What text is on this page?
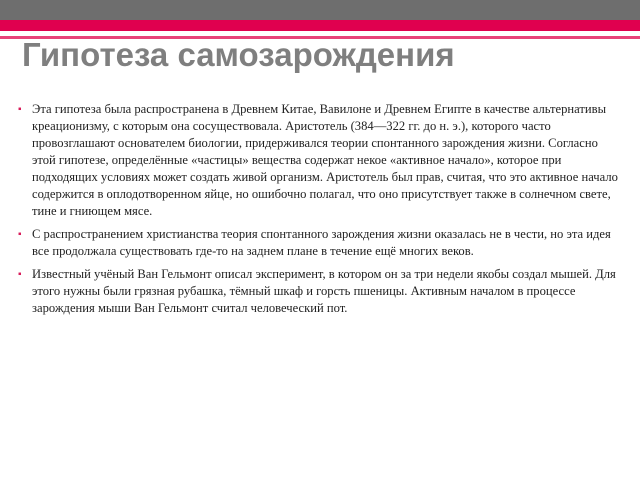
Гипотеза самозарождения

▪ Эта гипотеза была распространена в Древнем Китае, Вавилоне и Древнем Египте в качестве альтернативы креационизму, с которым она сосуществовала. Аристотель (384—322 гг. до н. э.), которого часто провозглашают основателем биологии, придерживался теории спонтанного зарождения жизни. Согласно этой гипотезе, определённые «частицы» вещества содержат некое «активное начало», которое при подходящих условиях может создать живой организм. Аристотель был прав, считая, что это активное начало содержится в оплодотворенном яйце, но ошибочно полагал, что оно присутствует также в солнечном свете, тине и гниющем мясе.

▪ С распространением христианства теория спонтанного зарождения жизни оказалась не в чести, но эта идея все продолжала существовать где-то на заднем плане в течение ещё многих веков.

▪ Известный учёный Ван Гельмонт описал эксперимент, в котором он за три недели якобы создал мышей. Для этого нужны были грязная рубашка, тёмный шкаф и горсть пшеницы. Активным началом в процессе зарождения мыши Ван Гельмонт считал человеческий пот.
